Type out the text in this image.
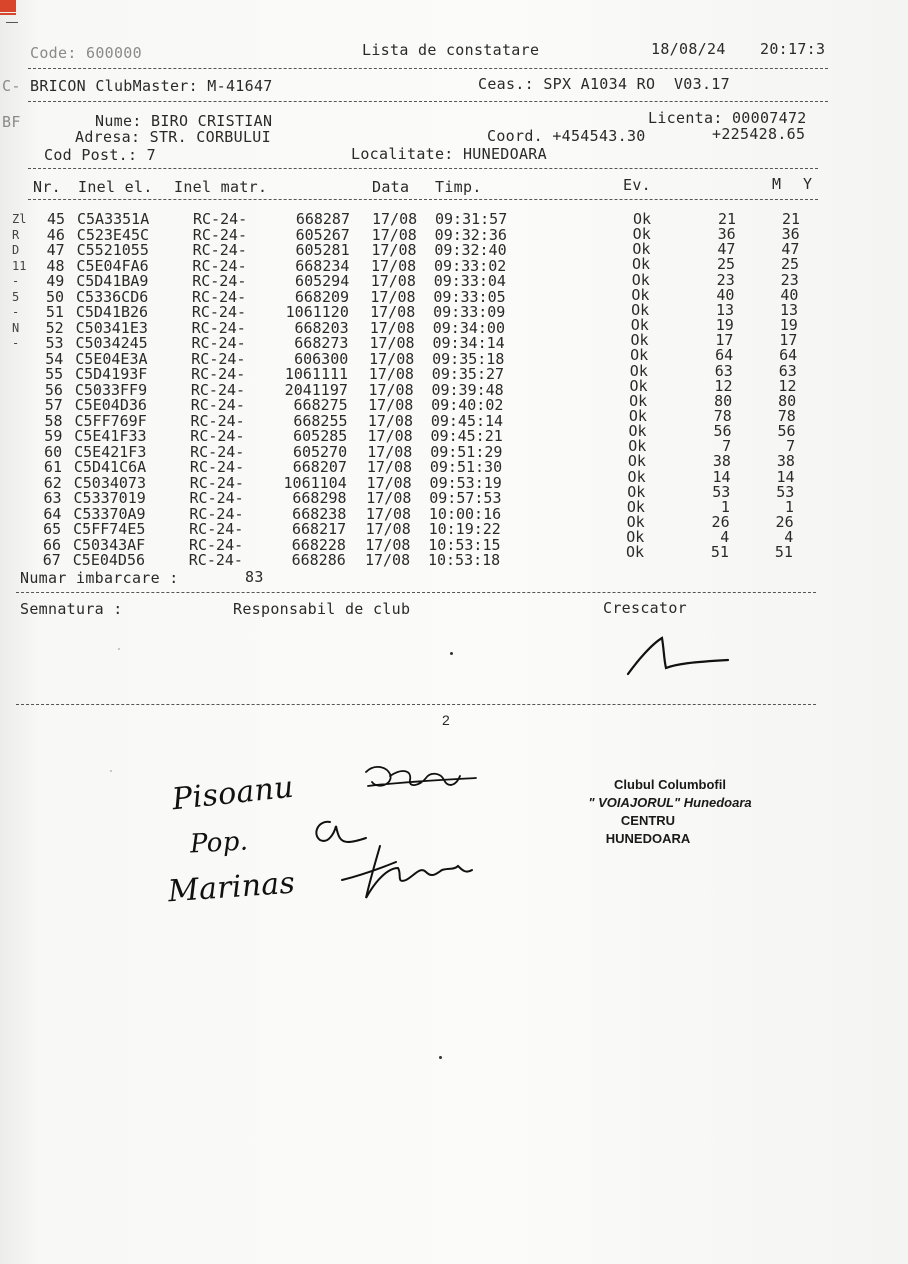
Code: 600000	Lista de constatare	18/08/24 20:17:3
C- BRICON ClubMaster: M-41647	Ceas.: SPX A1034 RO  V03.17
BF	Nume: BIRO CRISTIAN	Licenta: 00007472
Adresa: STR. CORBULUI	Coord. +454543.30	+225428.65
Cod Post.: 7	Localitate: HUNEDOARA
Nr. Inel el. Inel matr.	Data Timp.	Ev.	M Y
45 C5A3351A	RC-24-	668287 17/08 09:31:57	Ok	21	21
46 C523E45C	RC-24-	605267 17/08 09:32:36	Ok	36	36
47 C5521055	RC-24-	605281 17/08 09:32:40	Ok	47	47
48 C5E04FA6	RC-24-	668234 17/08 09:33:02	Ok	25	25
49 C5D41BA9	RC-24-	605294 17/08 09:33:04	Ok	23	23
50 C5336CD6	RC-24-	668209 17/08 09:33:05	Ok	40	40
51 C5D41B26	RC-24-	1061120 17/08 09:33:09	Ok	13	13
52 C50341E3	RC-24-	668203 17/08 09:34:00	Ok	19	19
53 C5034245	RC-24-	668273 17/08 09:34:14	Ok	17	17
54 C5E04E3A	RC-24-	606300 17/08 09:35:18	Ok	64	64
55 C5D4193F	RC-24-	1061111 17/08 09:35:27	Ok	63	63
56 C5033FF9	RC-24-	2041197 17/08 09:39:48	Ok	12	12
57 C5E04D36	RC-24-	668275 17/08 09:40:02	Ok	80	80
58 C5FF769F	RC-24-	668255 17/08 09:45:14	Ok	78	78
59 C5E41F33	RC-24-	605285 17/08 09:45:21	Ok	56	56
60 C5E421F3	RC-24-	605270 17/08 09:51:29	Ok	7	7
61 C5D41C6A	RC-24-	668207 17/08 09:51:30	Ok	38	38
62 C5034073	RC-24-	1061104 17/08 09:53:19	Ok	14	14
63 C5337019	RC-24-	668298 17/08 09:57:53	Ok	53	53
64 C53370A9	RC-24-	668238 17/08 10:00:16	Ok	1	1
65 C5FF74E5	RC-24-	668217 17/08 10:19:22	Ok	26	26
66 C50343AF	RC-24-	668228 17/08 10:53:15	Ok	4	4
67 C5E04D56	RC-24-	668286 17/08 10:53:18	Ok	51	51
Zl
R
D
11
-
5
-
N
-
Numar imbarcare :	83
Semnatura :	Responsabil de club	Crescator
2
Pisoanu
Pop.
Marinas
Clubul Columbofil
" VOIAJORUL" Hunedoara
CENTRU
HUNEDOARA
